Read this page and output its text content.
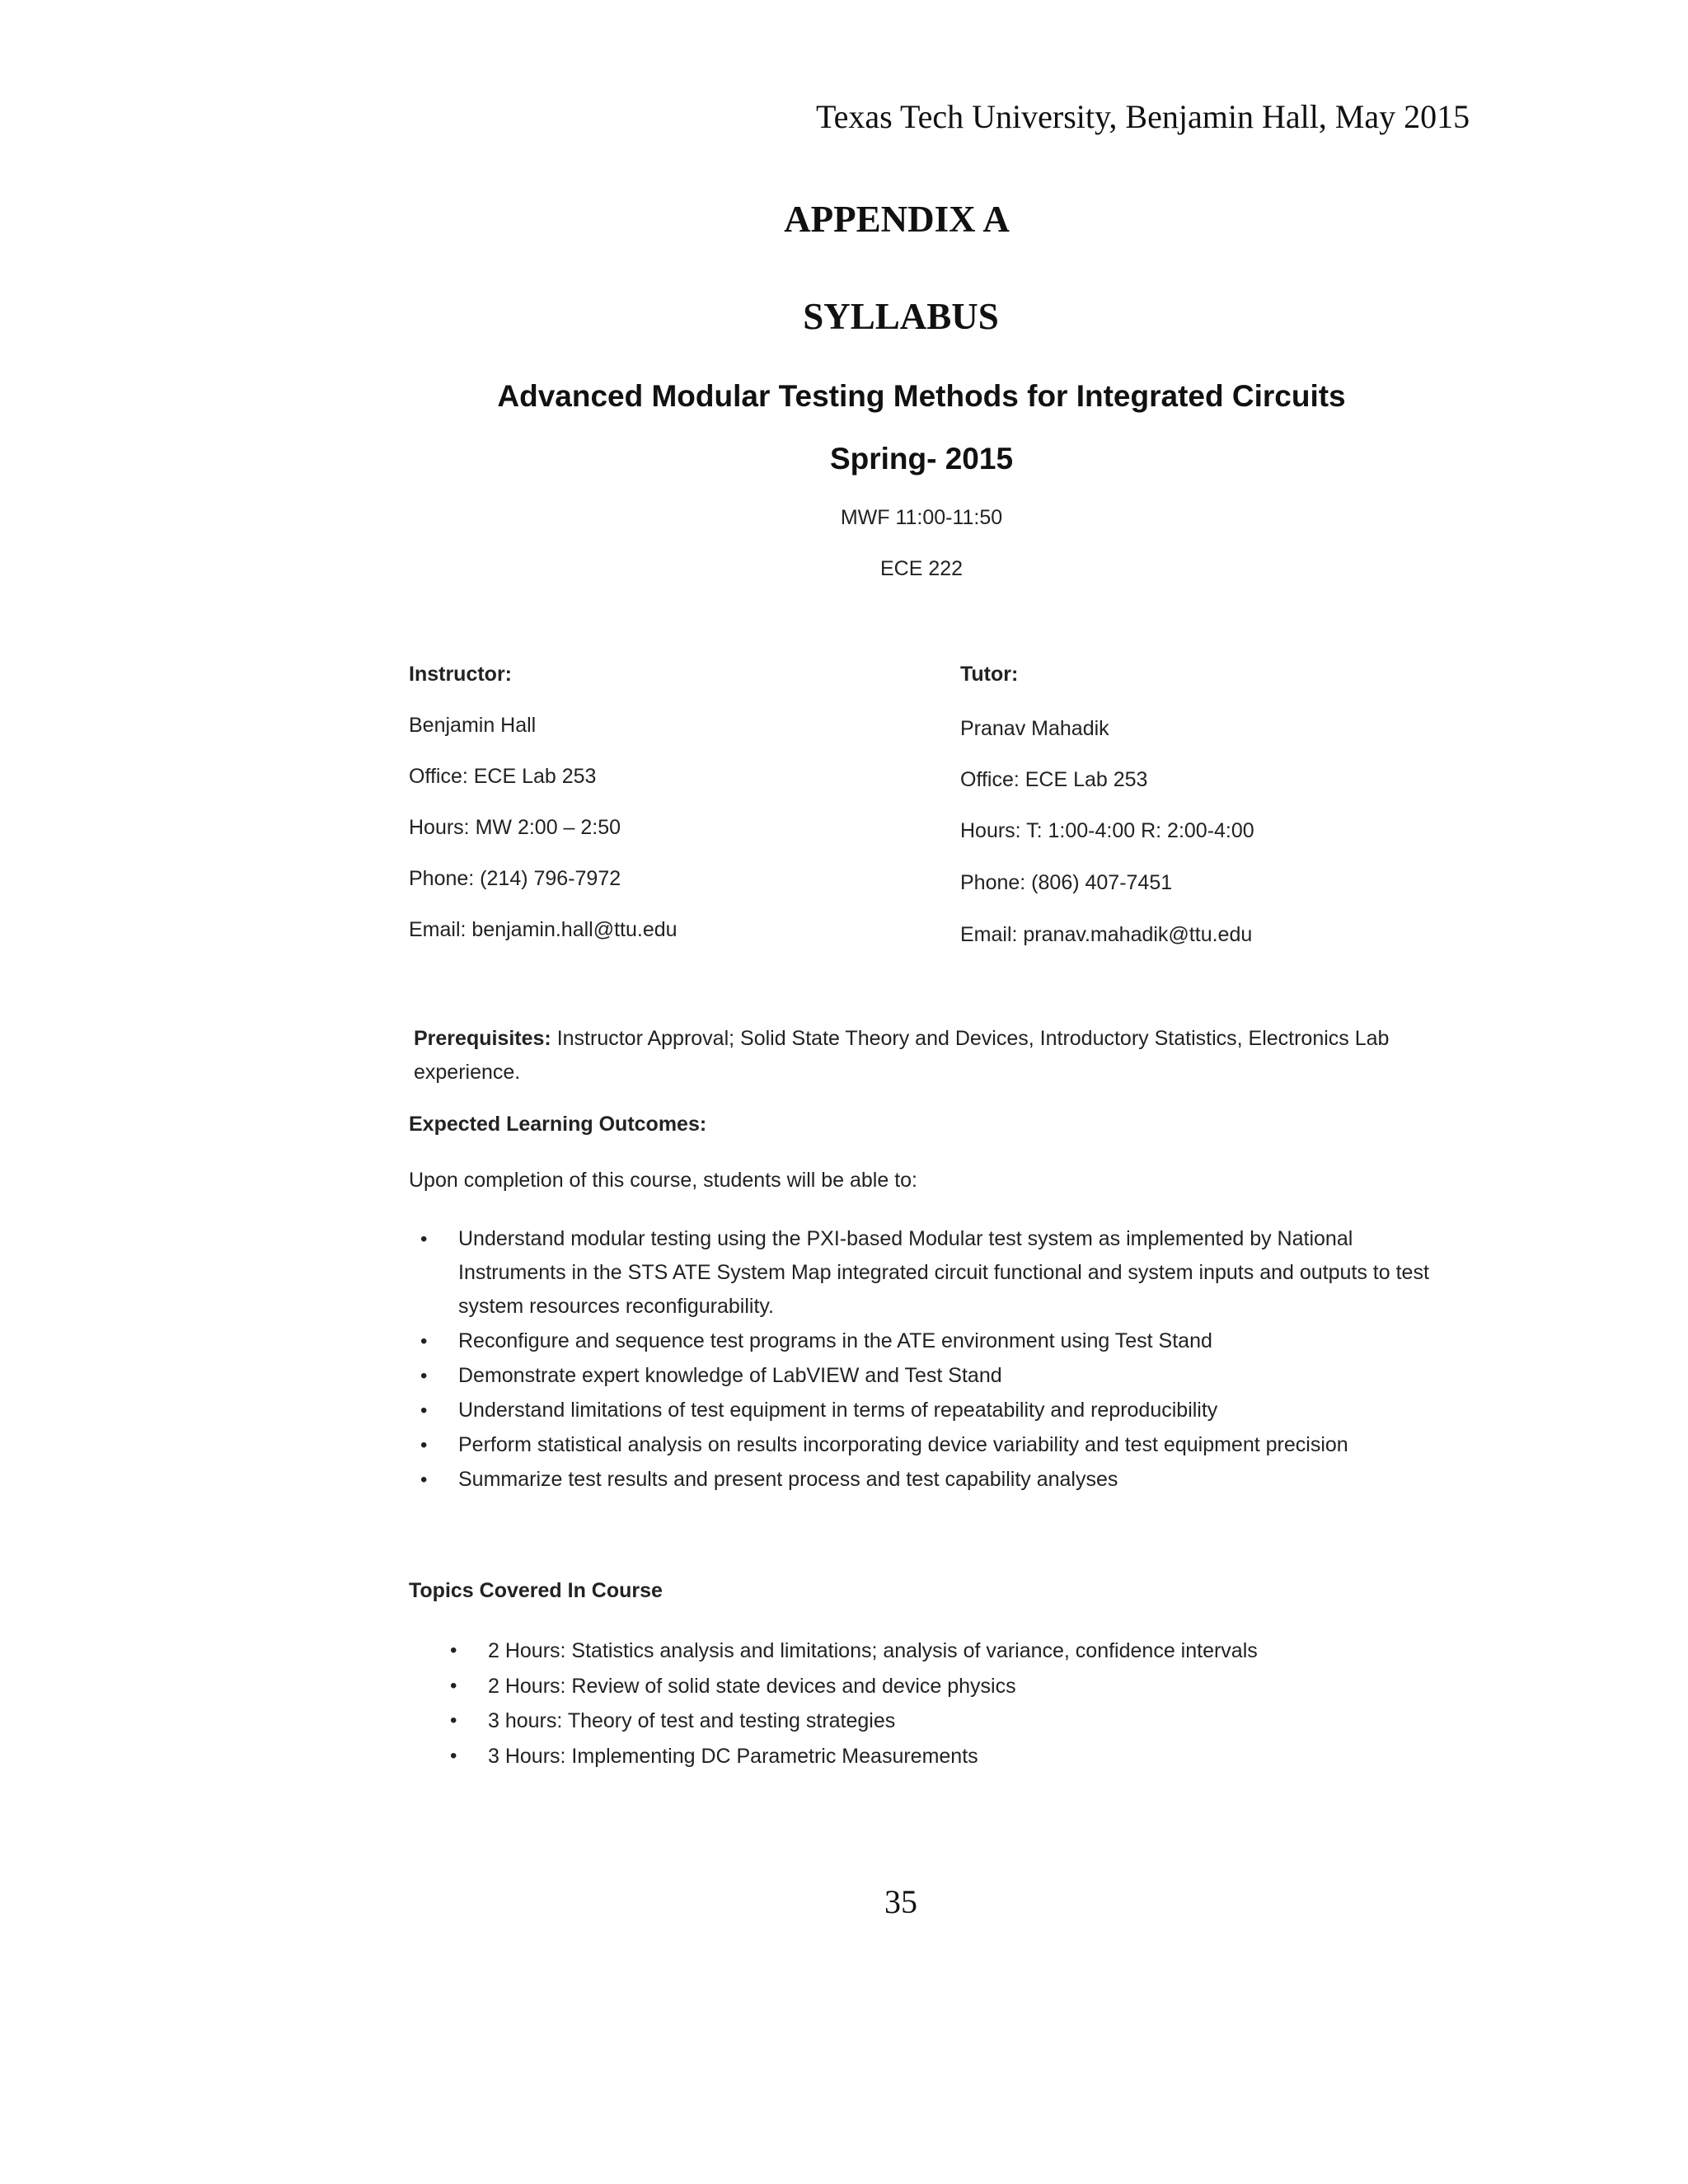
Texas Tech University, Benjamin Hall, May 2015
APPENDIX A
SYLLABUS
Advanced Modular Testing Methods for Integrated Circuits
Spring- 2015
MWF 11:00-11:50
ECE 222
Instructor:
Benjamin Hall
Office: ECE Lab 253
Hours: MW 2:00 – 2:50
Phone: (214) 796-7972
Email: benjamin.hall@ttu.edu
Tutor:
Pranav Mahadik
Office: ECE Lab 253
Hours: T: 1:00-4:00 R: 2:00-4:00
Phone: (806) 407-7451
Email: pranav.mahadik@ttu.edu
Prerequisites: Instructor Approval; Solid State Theory and Devices, Introductory Statistics, Electronics Lab experience.
Expected Learning Outcomes:
Upon completion of this course, students will be able to:
• Understand modular testing using the PXI-based Modular test system as implemented by National Instruments in the STS ATE System Map integrated circuit functional and system inputs and outputs to test system resources reconfigurability.
• Reconfigure and sequence test programs in the ATE environment using Test Stand
• Demonstrate expert knowledge of LabVIEW and Test Stand
• Understand limitations of test equipment in terms of repeatability and reproducibility
• Perform statistical analysis on results incorporating device variability and test equipment precision
• Summarize test results and present process and test capability analyses
Topics Covered In Course
• 2 Hours: Statistics analysis and limitations; analysis of variance, confidence intervals
• 2 Hours: Review of solid state devices and device physics
• 3 hours: Theory of test and testing strategies
• 3 Hours: Implementing DC Parametric Measurements
35
